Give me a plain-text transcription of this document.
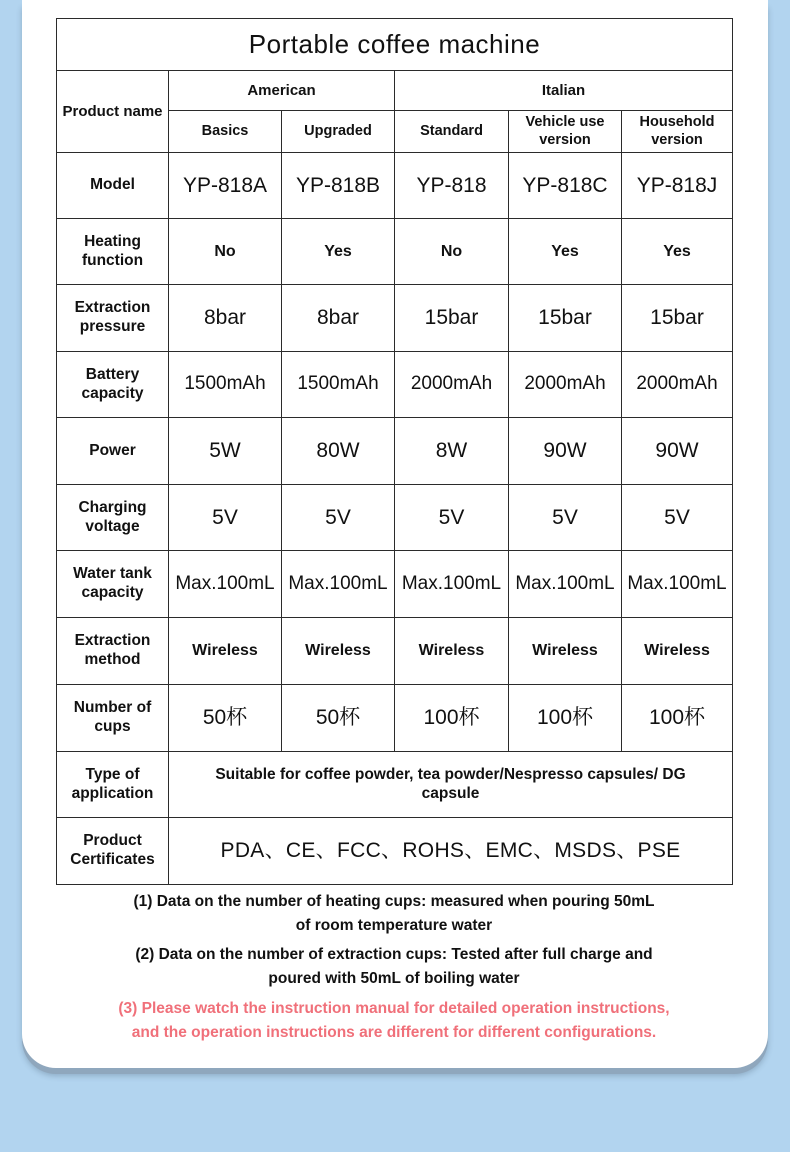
Portable coffee machine					
Product name	American		Italian		
	Basics	Upgraded	Standard	Vehicle use version	Household version
Model	YP-818A	YP-818B	YP-818	YP-818C	YP-818J
Heating function	No	Yes	No	Yes	Yes
Extraction pressure	8bar	8bar	15bar	15bar	15bar
Battery capacity	1500mAh	1500mAh	2000mAh	2000mAh	2000mAh
Power	5W	80W	8W	90W	90W
Charging voltage	5V	5V	5V	5V	5V
Water tank capacity	Max.100mL	Max.100mL	Max.100mL	Max.100mL	Max.100mL
Extraction method	Wireless	Wireless	Wireless	Wireless	Wireless
Number of cups	50杯	50杯	100杯	100杯	100杯
Type of application	Suitable for coffee powder, tea powder/Nespresso capsules/ DG capsule				
Product Certificates	PDA、CE、FCC、ROHS、EMC、MSDS、PSE				
(1) Data on the number of heating cups: measured when pouring 50mL
of room temperature water
(2) Data on the number of extraction cups: Tested after full charge and
poured with 50mL of boiling water
(3) Please watch the instruction manual for detailed operation instructions,
and the operation instructions are different for different configurations.
